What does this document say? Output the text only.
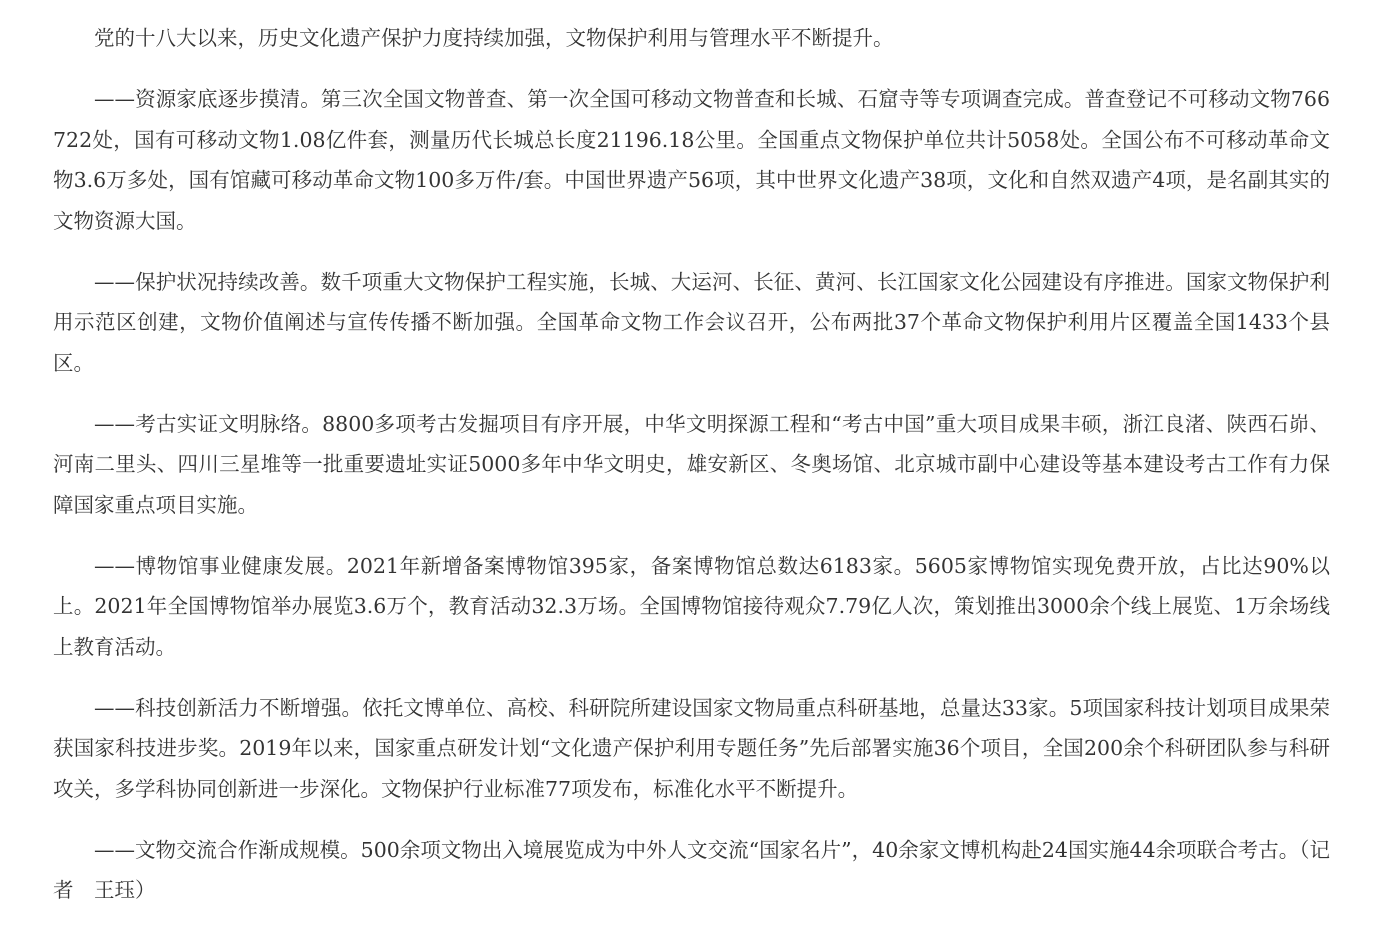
党的十八大以来，历史文化遗产保护力度持续加强，文物保护利用与管理水平不断提升。

——资源家底逐步摸清。第三次全国文物普查、第一次全国可移动文物普查和长城、石窟寺等专项调查完成。普查登记不可移动文物766722处，国有可移动文物1.08亿件套，测量历代长城总长度21196.18公里。全国重点文物保护单位共计5058处。全国公布不可移动革命文物3.6万多处，国有馆藏可移动革命文物100多万件/套。中国世界遗产56项，其中世界文化遗产38项，文化和自然双遗产4项，是名副其实的文物资源大国。

——保护状况持续改善。数千项重大文物保护工程实施，长城、大运河、长征、黄河、长江国家文化公园建设有序推进。国家文物保护利用示范区创建，文物价值阐述与宣传传播不断加强。全国革命文物工作会议召开，公布两批37个革命文物保护利用片区覆盖全国1433个县区。

——考古实证文明脉络。8800多项考古发掘项目有序开展，中华文明探源工程和“考古中国”重大项目成果丰硕，浙江良渚、陕西石峁、河南二里头、四川三星堆等一批重要遗址实证5000多年中华文明史，雄安新区、冬奥场馆、北京城市副中心建设等基本建设考古工作有力保障国家重点项目实施。

——博物馆事业健康发展。2021年新增备案博物馆395家，备案博物馆总数达6183家。5605家博物馆实现免费开放，占比达90%以上。2021年全国博物馆举办展览3.6万个，教育活动32.3万场。全国博物馆接待观众7.79亿人次，策划推出3000余个线上展览、1万余场线上教育活动。

——科技创新活力不断增强。依托文博单位、高校、科研院所建设国家文物局重点科研基地，总量达33家。5项国家科技计划项目成果荣获国家科技进步奖。2019年以来，国家重点研发计划“文化遗产保护利用专题任务”先后部署实施36个项目，全国200余个科研团队参与科研攻关，多学科协同创新进一步深化。文物保护行业标准77项发布，标准化水平不断提升。

——文物交流合作渐成规模。500余项文物出入境展览成为中外人文交流“国家名片”，40余家文博机构赴24国实施44余项联合考古。（记者　王珏）
